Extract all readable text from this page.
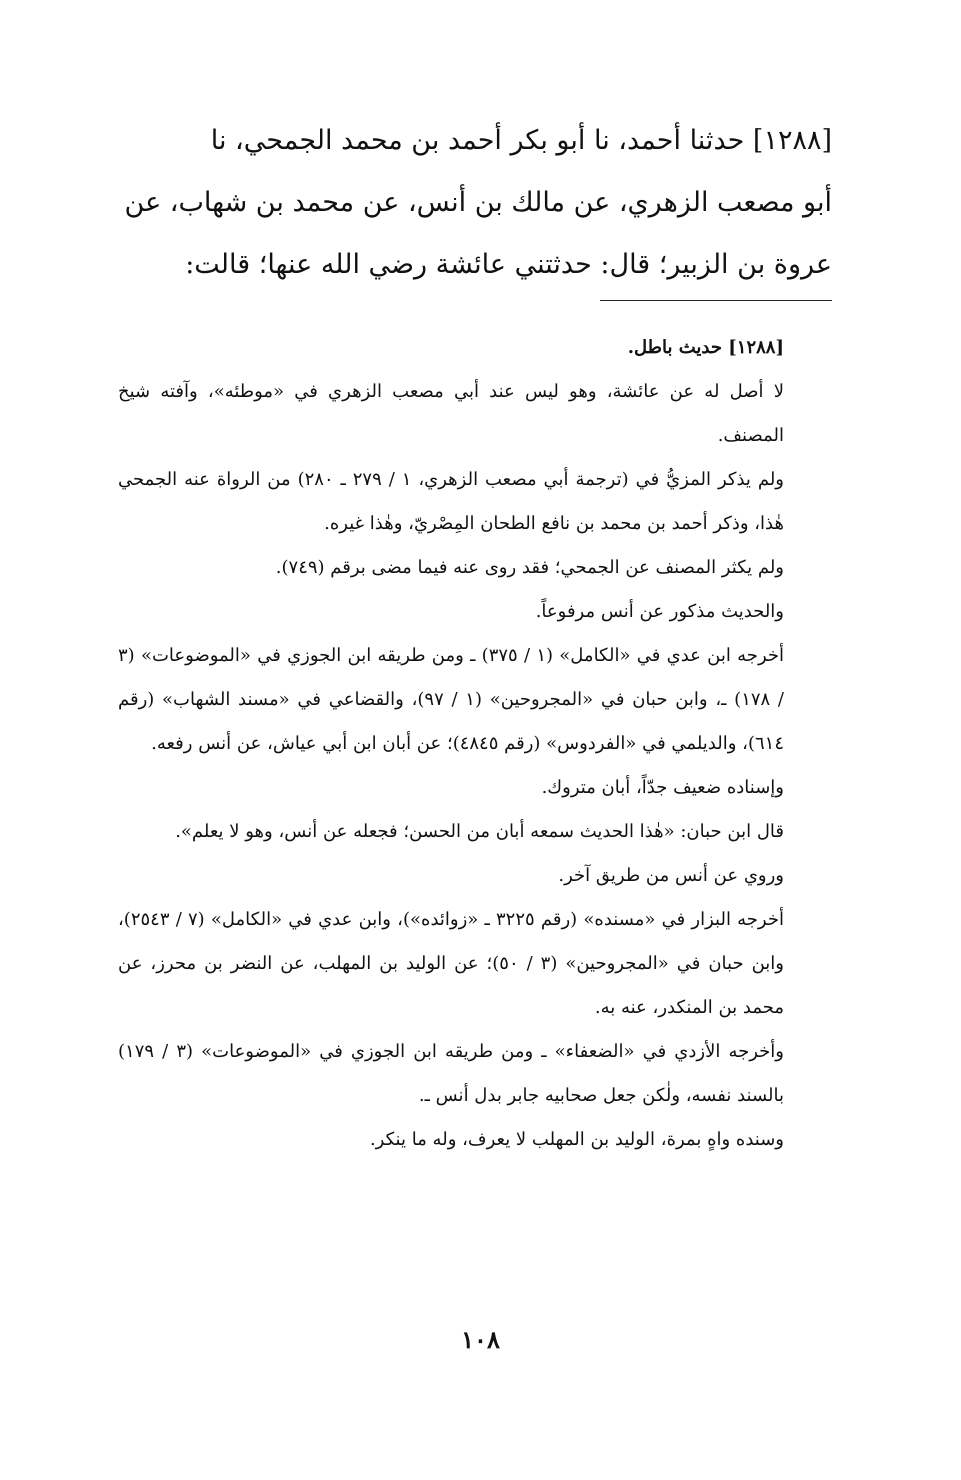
[١٢٨٨] حدثنا أحمد، نا أبو بكر أحمد بن محمد الجمحي، نا

أبو مصعب الزهري، عن مالك بن أنس، عن محمد بن شهاب، عن

عروة بن الزبير؛ قال: حدثتني عائشة رضي الله عنها؛ قالت:

[١٢٨٨] حديث باطل.

لا أصل له عن عائشة، وهو ليس عند أبي مصعب الزهري في «موطئه»، وآفته شيخ المصنف.

ولم يذكر المزيُّ في (ترجمة أبي مصعب الزهري، ١ / ٢٧٩ ـ ٢٨٠) من الرواة عنه الجمحي هٰذا، وذكر أحمد بن محمد بن نافع الطحان المِصْريّ، وهٰذا غيره.

ولم يكثر المصنف عن الجمحي؛ فقد روى عنه فيما مضى برقم (٧٤٩).

والحديث مذكور عن أنس مرفوعاً.

أخرجه ابن عدي في «الكامل» (١ / ٣٧٥) ـ ومن طريقه ابن الجوزي في «الموضوعات» (٣ / ١٧٨) ـ، وابن حبان في «المجروحين» (١ / ٩٧)، والقضاعي في «مسند الشهاب» (رقم ٦١٤)، والديلمي في «الفردوس» (رقم ٤٨٤٥)؛ عن أبان ابن أبي عياش، عن أنس رفعه.

وإسناده ضعيف جدّاً، أبان متروك.

قال ابن حبان: «هٰذا الحديث سمعه أبان من الحسن؛ فجعله عن أنس، وهو لا يعلم».

وروي عن أنس من طريق آخر.

أخرجه البزار في «مسنده» (رقم ٣٢٢٥ ـ «زوائده»)، وابن عدي في «الكامل» (٧ / ٢٥٤٣)، وابن حبان في «المجروحين» (٣ / ٥٠)؛ عن الوليد بن المهلب، عن النضر بن محرز، عن محمد بن المنكدر، عنه به.

وأخرجه الأزدي في «الضعفاء» ـ ومن طريقه ابن الجوزي في «الموضوعات» (٣ / ١٧٩) بالسند نفسه، ولٰكن جعل صحابيه جابر بدل أنس ـ.

وسنده واهٍ بمرة، الوليد بن المهلب لا يعرف، وله ما ينكر.

١٠٨
